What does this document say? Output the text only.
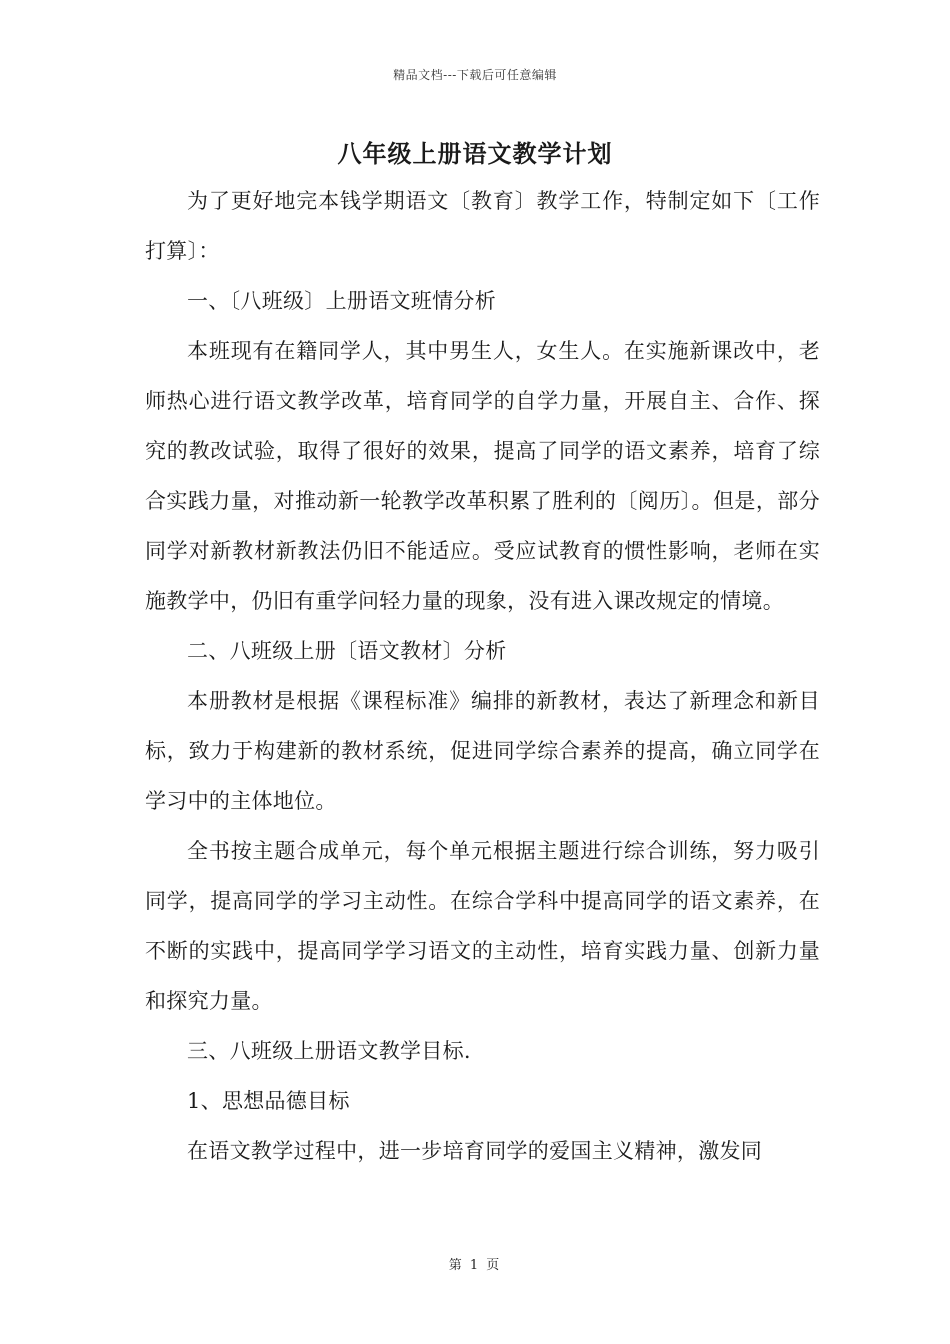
精品文档---下载后可任意编辑
八年级上册语文教学计划

为了更好地完本钱学期语文〔教育〕教学工作，特制定如下〔工作打算〕：

一、〔八班级〕上册语文班情分析

本班现有在籍同学人，其中男生人，女生人。在实施新课改中，老师热心进行语文教学改革，培育同学的自学力量，开展自主、合作、探究的教改试验，取得了很好的效果，提高了同学的语文素养，培育了综合实践力量，对推动新一轮教学改革积累了胜利的〔阅历〕。但是，部分同学对新教材新教法仍旧不能适应。受应试教育的惯性影响，老师在实施教学中，仍旧有重学问轻力量的现象，没有进入课改规定的情境。

二、八班级上册〔语文教材〕分析

本册教材是根据《课程标准》编排的新教材，表达了新理念和新目标，致力于构建新的教材系统，促进同学综合素养的提高，确立同学在学习中的主体地位。

全书按主题合成单元，每个单元根据主题进行综合训练，努力吸引同学，提高同学的学习主动性。在综合学科中提高同学的语文素养，在不断的实践中，提高同学学习语文的主动性，培育实践力量、创新力量和探究力量。

三、八班级上册语文教学目标.

1、思想品德目标

在语文教学过程中，进一步培育同学的爱国主义精神，激发同

第 1 页
